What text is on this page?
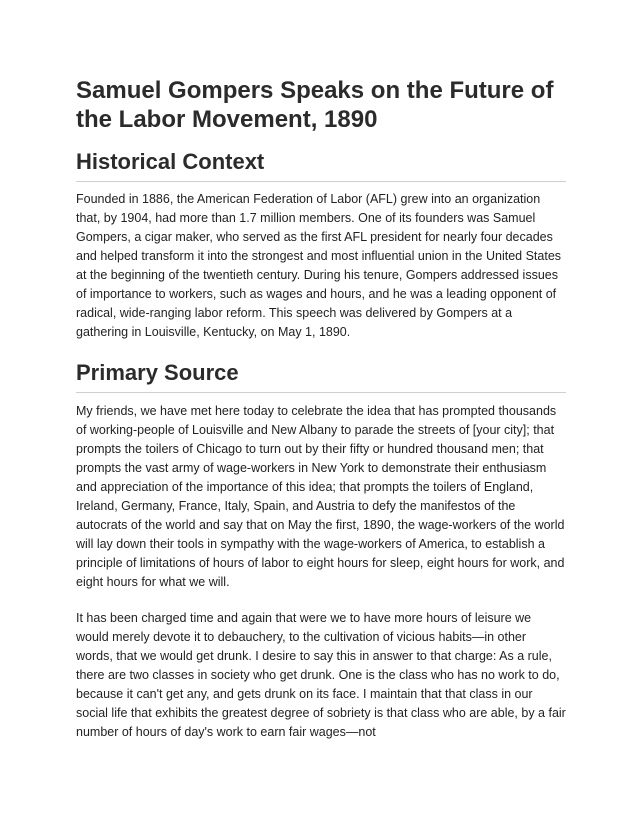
Samuel Gompers Speaks on the Future of the Labor Movement, 1890
Historical Context

Founded in 1886, the American Federation of Labor (AFL) grew into an organization that, by 1904, had more than 1.7 million members. One of its founders was Samuel Gompers, a cigar maker, who served as the first AFL president for nearly four decades and helped transform it into the strongest and most influential union in the United States at the beginning of the twentieth century. During his tenure, Gompers addressed issues of importance to workers, such as wages and hours, and he was a leading opponent of radical, wide-ranging labor reform. This speech was delivered by Gompers at a gathering in Louisville, Kentucky, on May 1, 1890.

Primary Source

My friends, we have met here today to celebrate the idea that has prompted thousands of working-people of Louisville and New Albany to parade the streets of [your city]; that prompts the toilers of Chicago to turn out by their fifty or hundred thousand men; that prompts the vast army of wage-workers in New York to demonstrate their enthusiasm and appreciation of the importance of this idea; that prompts the toilers of England, Ireland, Germany, France, Italy, Spain, and Austria to defy the manifestos of the autocrats of the world and say that on May the first, 1890, the wage-workers of the world will lay down their tools in sympathy with the wage-workers of America, to establish a principle of limitations of hours of labor to eight hours for sleep, eight hours for work, and eight hours for what we will.

It has been charged time and again that were we to have more hours of leisure we would merely devote it to debauchery, to the cultivation of vicious habits—in other words, that we would get drunk. I desire to say this in answer to that charge: As a rule, there are two classes in society who get drunk. One is the class who has no work to do, because it can't get any, and gets drunk on its face. I maintain that that class in our social life that exhibits the greatest degree of sobriety is that class who are able, by a fair number of hours of day's work to earn fair wages—not
